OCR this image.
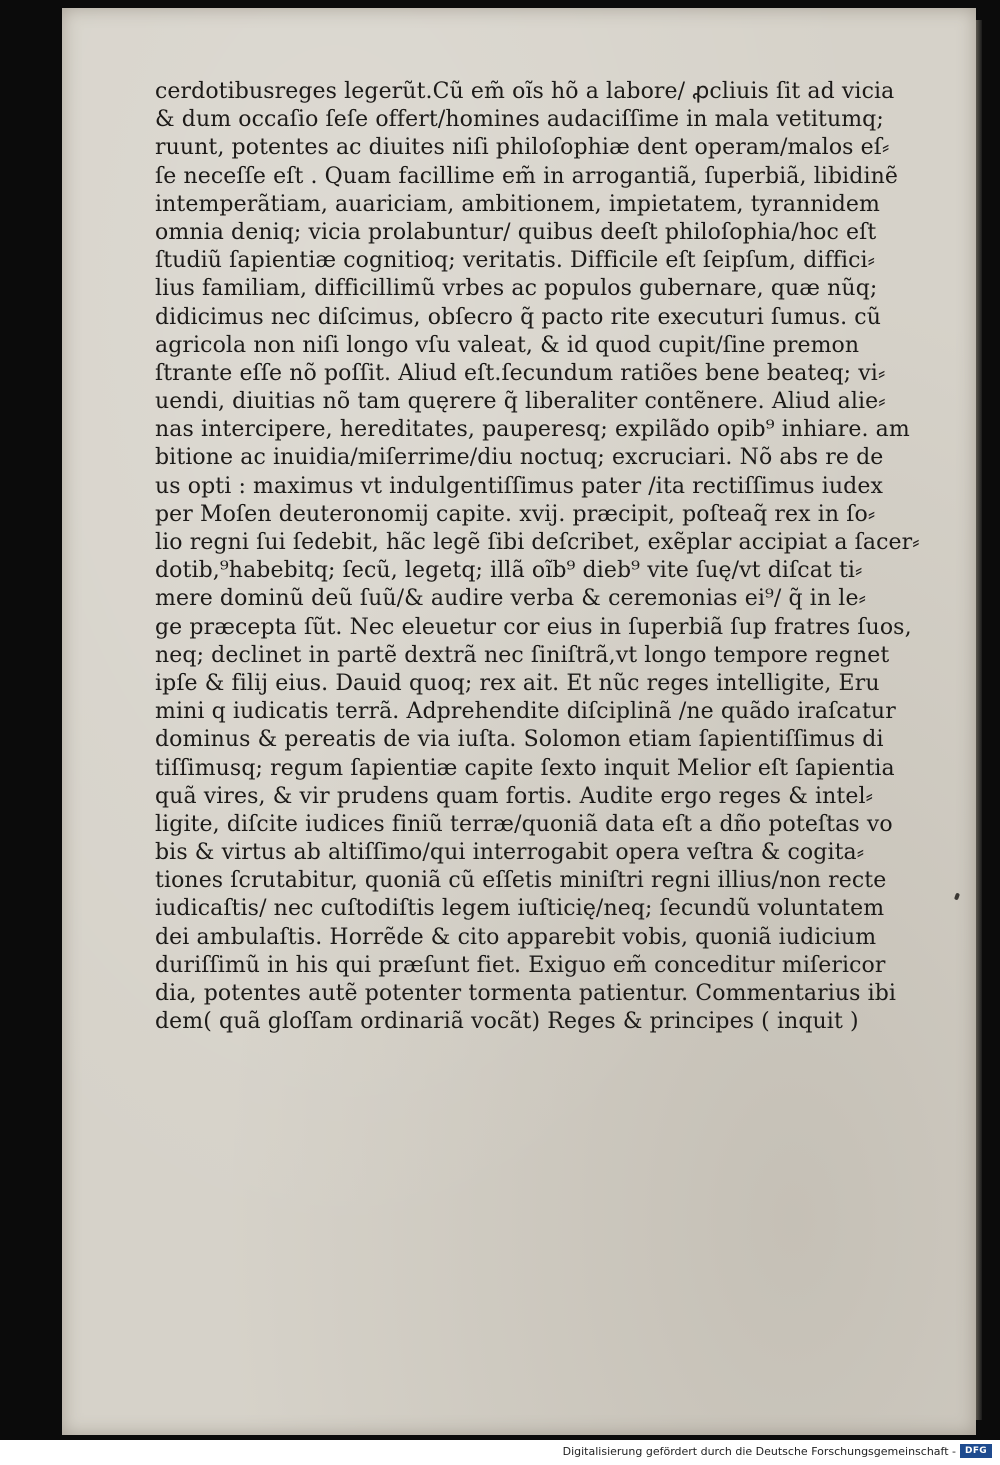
cerdotibusreges legerũt.Cũ em̃ oĩs hõ a labore/ ꝓcliuis ſit ad vicia
& dum occaſio ſeſe offert/homines audaciſſime in mala vetitumq;
ruunt, potentes ac diuites niſi philoſophiæ dent operam/malos eſ⸗
ſe neceſſe eſt . Quam facillime em̃ in arrogantiã, ſuperbiã, libidinẽ
intemperãtiam, auariciam, ambitionem, impietatem, tyrannidem
omnia deniq; vicia prolabuntur/ quibus deeſt philoſophia/hoc eſt
ſtudiũ ſapientiæ cognitioq; veritatis. Difficile eſt ſeipſum, diffici⸗
lius familiam, difficillimũ vrbes ac populos gubernare, quæ nũq;
didicimus nec diſcimus, obſecro q̃ pacto rite executuri ſumus. cũ
agricola non niſi longo vſu valeat, & id quod cupit/ſine premon
ſtrante eſſe nõ poſſit. Aliud eſt.ſecundum ratiões bene beateq; vi⸗
uendi, diuitias nõ tam quęrere q̃ liberaliter contẽnere. Aliud alie⸗
nas intercipere, hereditates, pauperesq; expilãdo opib⁹ inhiare. am
bitione ac inuidia/miſerrime/diu noctuq; excruciari. Nõ abs re de
us opti : maximus vt indulgentiſſimus pater /ita rectiſſimus iudex
per Moſen deuteronomij capite. xvij. præcipit, poſteaq̃ rex in ſo⸗
lio regni ſui ſedebit, hãc legẽ ſibi deſcribet, exẽplar accipiat a ſacer⸗
dotib,⁹habebitq; ſecũ, legetq; illã oĩb⁹ dieb⁹ vite ſuę/vt diſcat ti⸗
mere dominũ deũ ſuũ/& audire verba & ceremonias ei⁹/ q̃ in le⸗
ge præcepta ſũt. Nec eleuetur cor eius in ſuperbiã ſup fratres ſuos,
neq; declinet in partẽ dextrã nec ſiniſtrã,vt longo tempore regnet
ipſe & filij eius. Dauid quoq; rex ait. Et nũc reges intelligite, Eru
mini q iudicatis terrã. Adprehendite diſciplinã /ne quãdo iraſcatur
dominus & pereatis de via iuſta. Solomon etiam ſapientiſſimus di
tiſſimusq; regum ſapientiæ capite ſexto inquit Melior eſt ſapientia
quã vires, & vir prudens quam fortis. Audite ergo reges & intel⸗
ligite, diſcite iudices finiũ terræ/quoniã data eſt a dño poteſtas vo
bis & virtus ab altiſſimo/qui interrogabit opera veſtra & cogita⸗
tiones ſcrutabitur, quoniã cũ eſſetis miniſtri regni illius/non recte
iudicaſtis/ nec cuſtodiſtis legem iuſticię/neq; ſecundũ voluntatem
dei ambulaſtis. Horrẽde & cito apparebit vobis, quoniã iudicium
duriſſimũ in his qui præſunt fiet. Exiguo em̃ conceditur miſericor
dia, potentes autẽ potenter tormenta patientur. Commentarius ibi
dem( quã gloſſam ordinariã vocãt) Reges & principes ( inquit )
Digitalisierung gefördert durch die Deutsche Forschungsgemeinschaft -	DFG
